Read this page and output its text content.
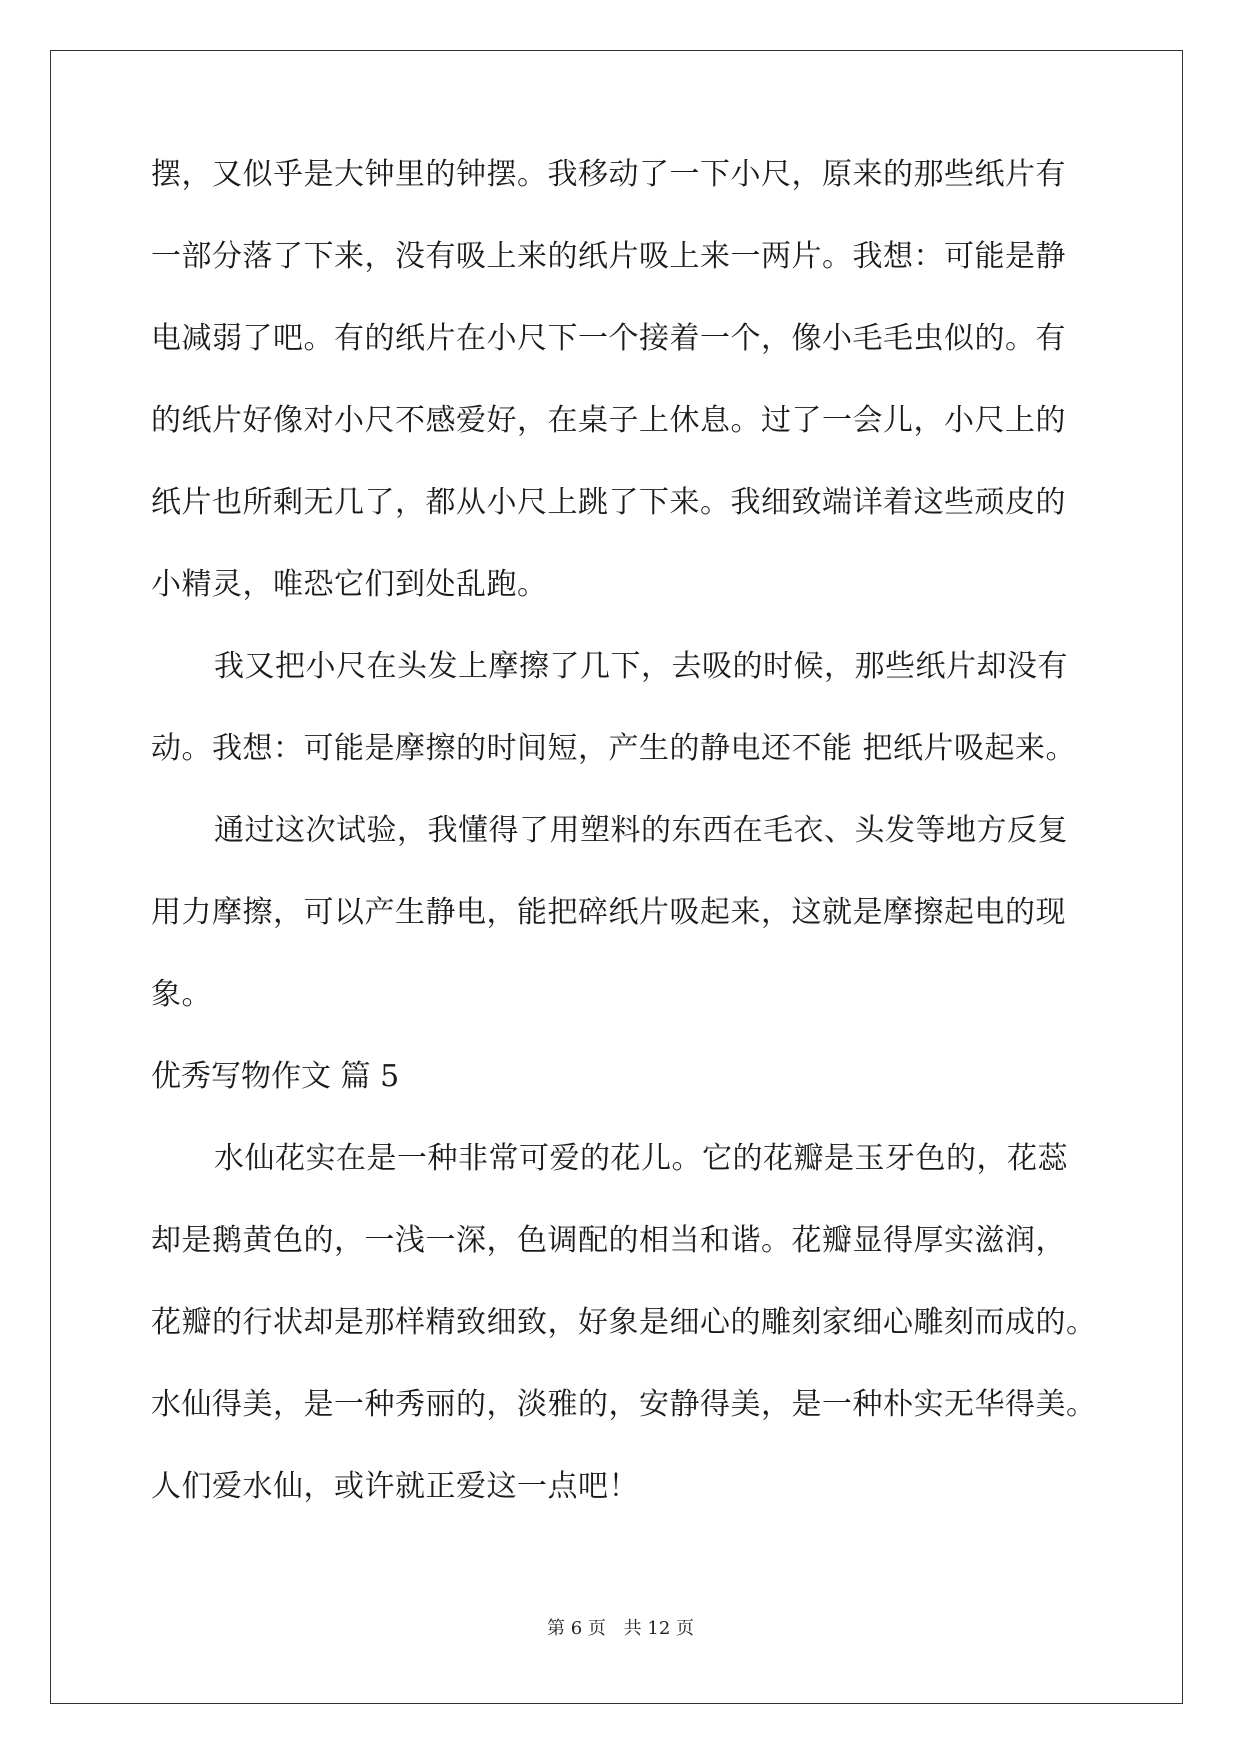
摆，又似乎是大钟里的钟摆。我移动了一下小尺，原来的那些纸片有
一部分落了下来，没有吸上来的纸片吸上来一两片。我想：可能是静
电减弱了吧。有的纸片在小尺下一个接着一个，像小毛毛虫似的。有
的纸片好像对小尺不感爱好，在桌子上休息。过了一会儿，小尺上的
纸片也所剩无几了，都从小尺上跳了下来。我细致端详着这些顽皮的
小精灵，唯恐它们到处乱跑。
我又把小尺在头发上摩擦了几下，去吸的时候，那些纸片却没有
动。我想：可能是摩擦的时间短，产生的静电还不能 把纸片吸起来。
通过这次试验，我懂得了用塑料的东西在毛衣、头发等地方反复
用力摩擦，可以产生静电，能把碎纸片吸起来，这就是摩擦起电的现
象。
优秀写物作文 篇 5
水仙花实在是一种非常可爱的花儿。它的花瓣是玉牙色的，花蕊
却是鹅黄色的，一浅一深，色调配的相当和谐。花瓣显得厚实滋润，
花瓣的行状却是那样精致细致，好象是细心的雕刻家细心雕刻而成的。
水仙得美，是一种秀丽的，淡雅的，安静得美，是一种朴实无华得美。
人们爱水仙，或许就正爱这一点吧！
第 6 页 共 12 页
